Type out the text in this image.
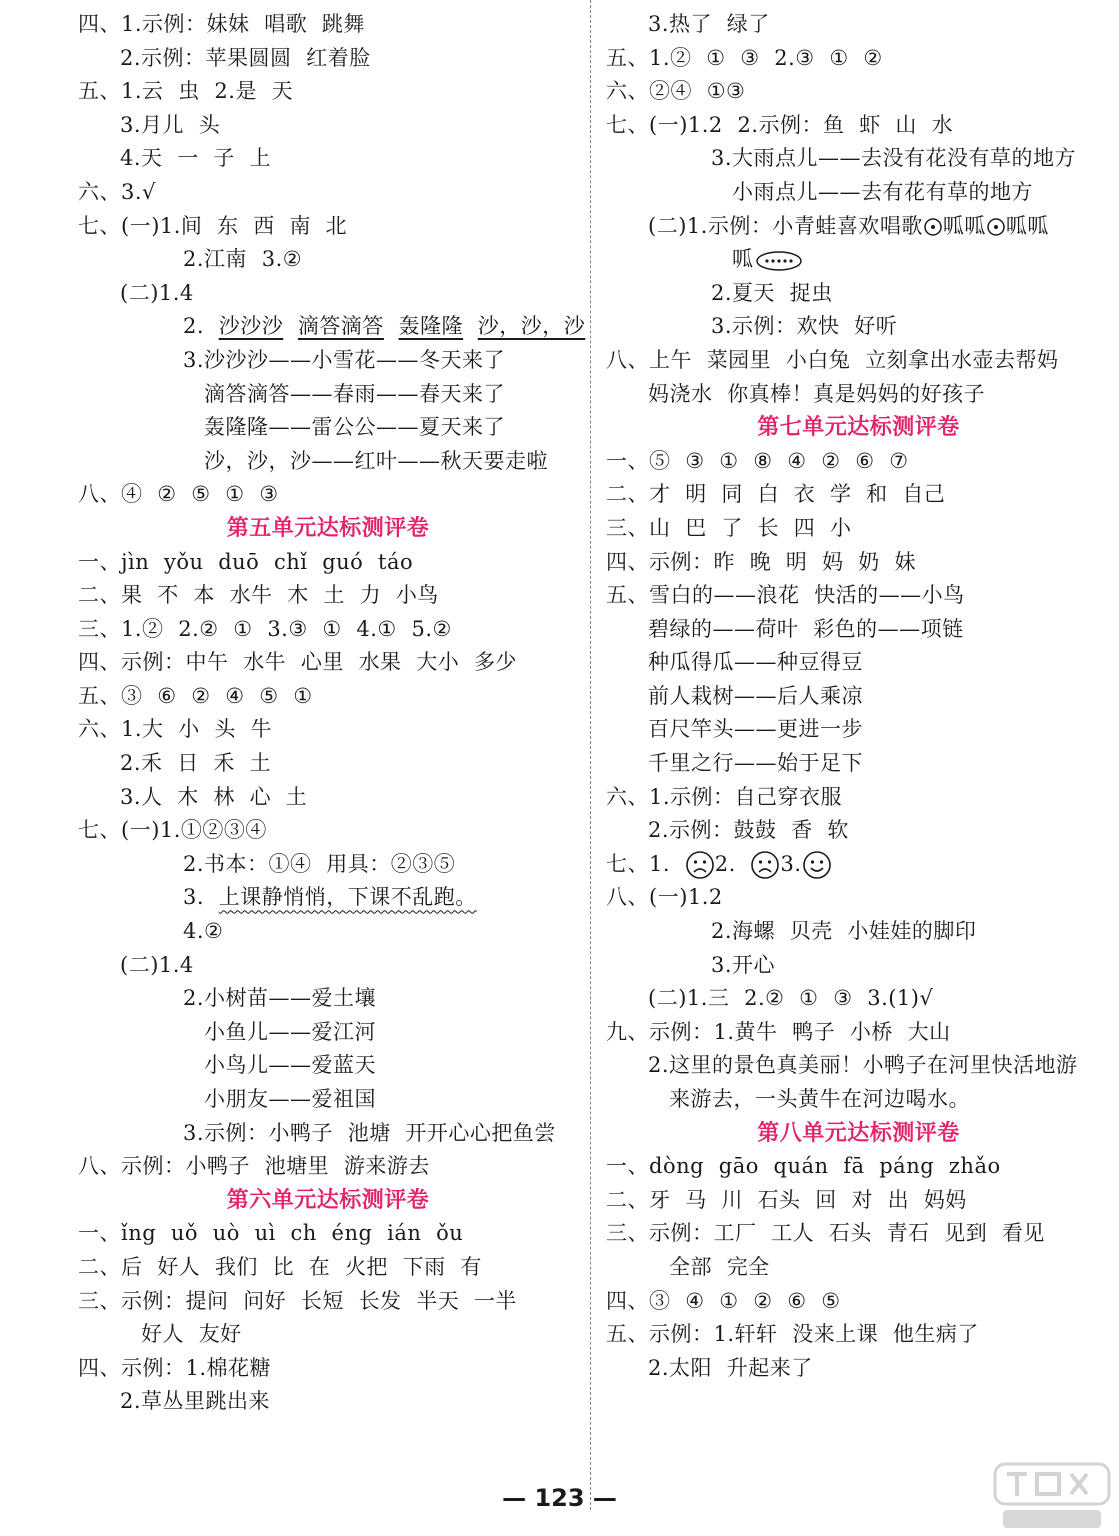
四、1.示例：妹妹 唱歌 跳舞
2.示例：苹果圆圆 红着脸
五、1.云 虫 2.是 天
3.月儿 头
4.天 一 子 上
六、3.√
七、(一)1.间 东 西 南 北
2.江南 3.②
(二)1.4
2. 沙沙沙 滴答滴答 轰隆隆 沙，沙，沙
3.沙沙沙——小雪花——冬天来了
滴答滴答——春雨——春天来了
轰隆隆——雷公公——夏天来了
沙，沙，沙——红叶——秋天要走啦
八、④ ② ⑤ ① ③
第五单元达标测评卷
一、jìn yǒu duō chǐ guó táo
二、果 不 本 水牛 木 土 力 小鸟
三、1.② 2.② ① 3.③ ① 4.① 5.②
四、示例：中午 水牛 心里 水果 大小 多少
五、③ ⑥ ② ④ ⑤ ①
六、1.大 小 头 牛
2.禾 日 禾 土
3.人 木 林 心 土
七、(一)1.①②③④
2.书本：①④ 用具：②③⑤
3. 上课静悄悄，下课不乱跑。
4.②
(二)1.4
2.小树苗——爱土壤
小鱼儿——爱江河
小鸟儿——爱蓝天
小朋友——爱祖国
3.示例：小鸭子 池塘 开开心心把鱼尝
八、示例：小鸭子 池塘里 游来游去
第六单元达标测评卷
一、ǐng uǒ uò uì ch éng ián ǒu
二、后 好人 我们 比 在 火把 下雨 有
三、示例：提问 问好 长短 长发 半天 一半
好人 友好
四、示例：1.棉花糖
2.草丛里跳出来
3.热了 绿了
五、1.② ① ③ 2.③ ① ②
六、②④ ①③
七、(一)1.2 2.示例：鱼 虾 山 水
3.大雨点儿——去没有花没有草的地方
小雨点儿——去有花有草的地方
(二)1.示例：小青蛙喜欢唱歌 呱呱 呱呱
呱
2.夏天 捉虫
3.示例：欢快 好听
八、上午 菜园里 小白兔 立刻拿出水壶去帮妈
妈浇水 你真棒！真是妈妈的好孩子
第七单元达标测评卷
一、⑤ ③ ① ⑧ ④ ② ⑥ ⑦
二、才 明 同 白 衣 学 和 自己
三、山 巴 了 长 四 小
四、示例：昨 晚 明 妈 奶 妹
五、雪白的——浪花 快活的——小鸟
碧绿的——荷叶 彩色的——项链
种瓜得瓜——种豆得豆
前人栽树——后人乘凉
百尺竿头——更进一步
千里之行——始于足下
六、1.示例：自己穿衣服
2.示例：鼓鼓 香 软
七、1. 2. 3.
八、(一)1.2
2.海螺 贝壳 小娃娃的脚印
3.开心
(二)1.三 2.② ① ③ 3.(1)√
九、示例：1.黄牛 鸭子 小桥 大山
2.这里的景色真美丽！小鸭子在河里快活地游
来游去，一头黄牛在河边喝水。
第八单元达标测评卷
一、dòng gāo quán fā páng zhǎo
二、牙 马 川 石头 回 对 出 妈妈
三、示例：工厂 工人 石头 青石 见到 看见
全部 完全
四、③ ④ ① ② ⑥ ⑤
五、示例：1.轩轩 没来上课 他生病了
2.太阳 升起来了
— 123 —
